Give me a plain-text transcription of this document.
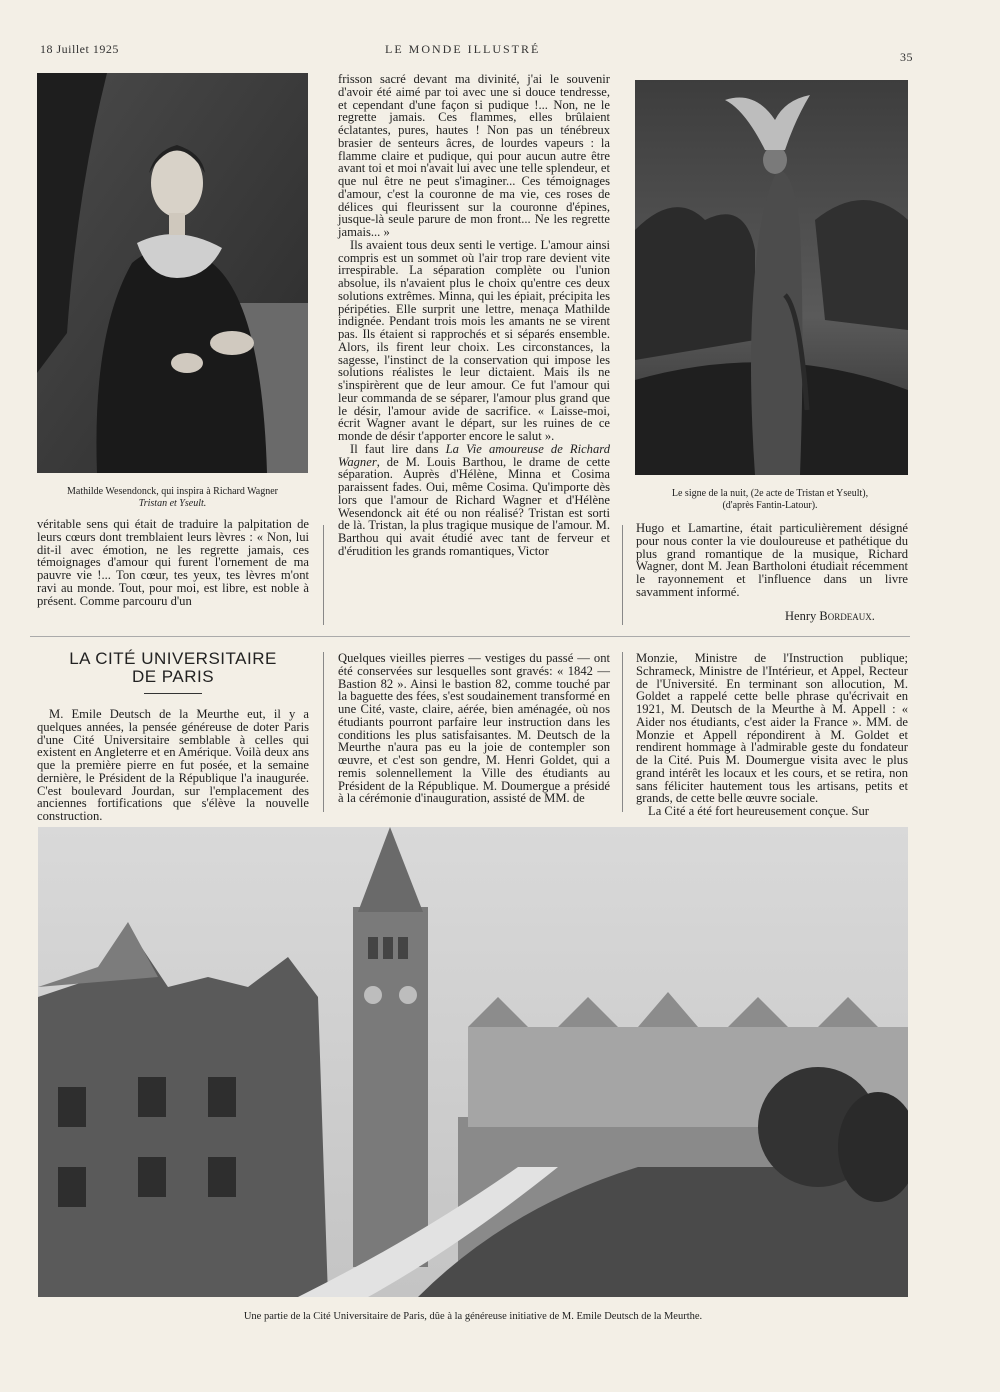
18 Juillet 1925	LE MONDE ILLUSTRÉ
35
Mathilde Wesendonck, qui inspira à Richard Wagner
Tristan et Yseult.
Le signe de la nuit, (2e acte de Tristan et Yseult),
(d'après Fantin-Latour).

véritable sens qui était de traduire la palpitation de leurs cœurs dont tremblaient leurs lèvres : « Non, lui dit-il avec émotion, ne les regrette jamais, ces témoignages d'amour qui furent l'ornement de ma pauvre vie !... Ton cœur, tes yeux, tes lèvres m'ont ravi au monde. Tout, pour moi, est libre, est noble à présent. Comme parcouru d'un

frisson sacré devant ma divinité, j'ai le souvenir d'avoir été aimé par toi avec une si douce tendresse, et cependant d'une façon si pudique !... Non, ne le regrette jamais. Ces flammes, elles brûlaient éclatantes, pures, hautes ! Non pas un ténébreux brasier de senteurs âcres, de lourdes vapeurs : la flamme claire et pudique, qui pour aucun autre être avant toi et moi n'avait lui avec une telle splendeur, et que nul être ne peut s'imaginer... Ces témoignages d'amour, c'est la couronne de ma vie, ces roses de délices qui fleurissent sur la couronne d'épines, jusque-là seule parure de mon front... Ne les regrette jamais... »

Ils avaient tous deux senti le vertige. L'amour ainsi compris est un sommet où l'air trop rare devient vite irrespirable. La séparation complète ou l'union absolue, ils n'avaient plus le choix qu'entre ces deux solutions extrêmes. Minna, qui les épiait, précipita les péripéties. Elle surprit une lettre, menaça Mathilde indignée. Pendant trois mois les amants ne se virent pas. Ils étaient si rapprochés et si séparés ensemble. Alors, ils firent leur choix. Les circonstances, la sagesse, l'instinct de la conservation qui impose les solutions réalistes le leur dictaient. Mais ils ne s'inspirèrent que de leur amour. Ce fut l'amour qui leur commanda de se séparer, l'amour plus grand que le désir, l'amour avide de sacrifice. « Laisse-moi, écrit Wagner avant le départ, sur les ruines de ce monde de désir t'apporter encore le salut ».

Il faut lire dans La Vie amoureuse de Richard Wagner, de M. Louis Barthou, le drame de cette séparation. Auprès d'Hélène, Minna et Cosima paraissent fades. Oui, même Cosima. Qu'importe dès lors que l'amour de Richard Wagner et d'Hélène Wesendonck ait été ou non réalisé? Tristan est sorti de là. Tristan, la plus tragique musique de l'amour. M. Barthou qui avait étudié avec tant de ferveur et d'érudition les grands romantiques, Victor

Hugo et Lamartine, était particulièrement désigné pour nous conter la vie douloureuse et pathétique du plus grand romantique de la musique, Richard Wagner, dont M. Jean Bartholoni étudiait récemment le rayonnement et l'influence dans un livre savamment informé.

Henry Bordeaux.
LA CITÉ UNIVERSITAIRE
DE PARIS

M. Emile Deutsch de la Meurthe eut, il y a quelques années, la pensée généreuse de doter Paris d'une Cité Universitaire semblable à celles qui existent en Angleterre et en Amérique. Voilà deux ans que la première pierre en fut posée, et la semaine dernière, le Président de la République l'a inaugurée. C'est boulevard Jourdan, sur l'emplacement des anciennes fortifications que s'élève la nouvelle construction.

Quelques vieilles pierres — vestiges du passé — ont été conservées sur lesquelles sont gravés: « 1842 — Bastion 82 ». Ainsi le bastion 82, comme touché par la baguette des fées, s'est soudainement transformé en une Cité, vaste, claire, aérée, bien aménagée, où nos étudiants pourront parfaire leur instruction dans les conditions les plus satisfaisantes. M. Deutsch de la Meurthe n'aura pas eu la joie de contempler son œuvre, et c'est son gendre, M. Henri Goldet, qui a remis solennellement la Ville des étudiants au Président de la République. M. Doumergue a présidé à la cérémonie d'inauguration, assisté de MM. de

Monzie, Ministre de l'Instruction publique; Schrameck, Ministre de l'Intérieur, et Appel, Recteur de l'Université. En terminant son allocution, M. Goldet a rappelé cette belle phrase qu'écrivait en 1921, M. Deutsch de la Meurthe à M. Appell : « Aider nos étudiants, c'est aider la France ». MM. de Monzie et Appell répondirent à M. Goldet et rendirent hommage à l'admirable geste du fondateur de la Cité. Puis M. Doumergue visita avec le plus grand intérêt les locaux et les cours, et se retira, non sans féliciter hautement tous les artisans, petits et grands, de cette belle œuvre sociale.

La Cité a été fort heureusement conçue. Sur

Une partie de la Cité Universitaire de Paris, dûe à la généreuse initiative de M. Emile Deutsch de la Meurthe.
